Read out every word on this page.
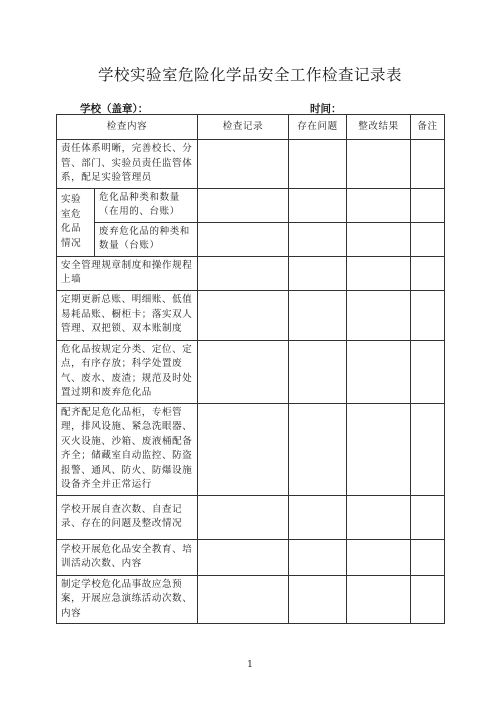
学校实验室危险化学品安全工作检查记录表
学校（盖章）：	时间：
检查内容		检查记录	存在问题	整改结果	备注
责任体系明晰，完善校长、分管、部门、实验员责任监管体系，配足实验管理员					
实验室危化品情况	危化品种类和数量（在用的、台账）				
	废弃危化品的种类和数量（台账）				
安全管理规章制度和操作规程上墙					
定期更新总账、明细账、低值易耗品账、橱柜卡；落实双人管理、双把锁、双本账制度					
危化品按规定分类、定位、定点，有序存放；科学处置废气、废水、废渣；规范及时处置过期和废弃危化品					
配齐配足危化品柜，专柜管理，排风设施、紧急洗眼器、灭火设施、沙箱、废液桶配备齐全；储藏室自动监控、防盗报警、通风、防火、防爆设施设备齐全并正常运行					
学校开展自查次数、自查记录、存在的问题及整改情况					
学校开展危化品安全教育、培训活动次数、内容					
制定学校危化品事故应急预案，开展应急演练活动次数、内容					
1
